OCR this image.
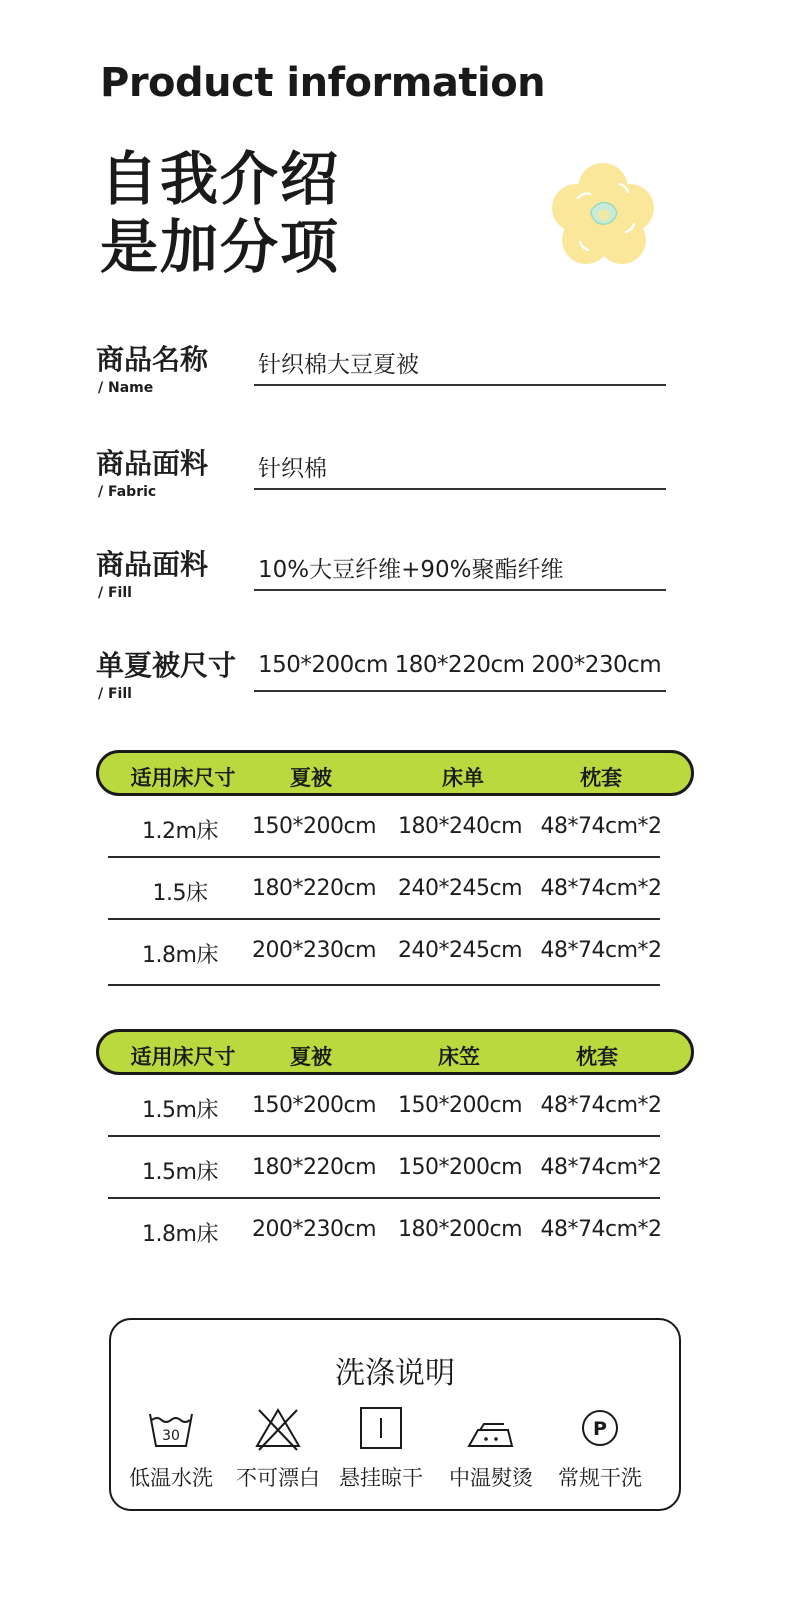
Product information
自我介绍
是加分项
商品名称
/ Name
针织棉大豆夏被
商品面料
/ Fabric
针织棉
商品面料
/ Fill
10%大豆纤维+90%聚酯纤维
单夏被尺寸
/ Fill
150*200cm 180*220cm 200*230cm
适用床尺寸	夏被	床单	枕套
1.2m床 150*200cm 180*240cm 48*74cm*2
1.5床 180*220cm 240*245cm 48*74cm*2
1.8m床 200*230cm 240*245cm 48*74cm*2
适用床尺寸	夏被	床笠	枕套
1.5m床 150*200cm 150*200cm 48*74cm*2
1.5m床 180*220cm 150*200cm 48*74cm*2
1.8m床 200*230cm 180*200cm 48*74cm*2
洗涤说明
30
低温水洗	不可漂白 悬挂晾干	中温熨烫
P
常规干洗
